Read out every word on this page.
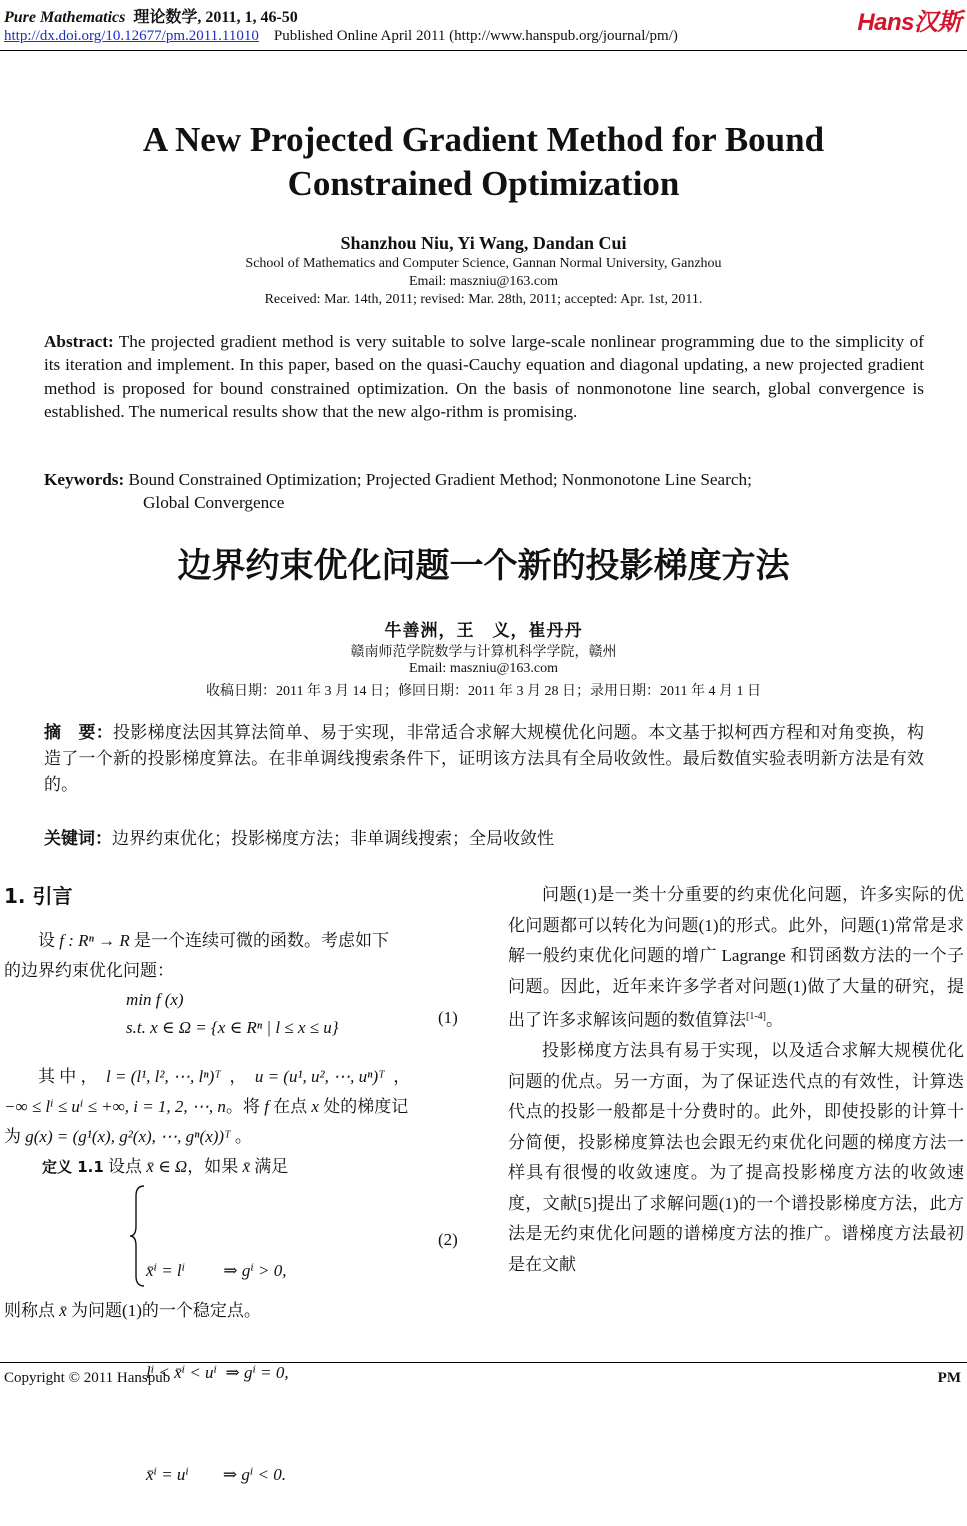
Pure Mathematics 理论数学, 2011, 1, 46-50
http://dx.doi.org/10.12677/pm.2011.11010 Published Online April 2011 (http://www.hanspub.org/journal/pm/)	Hans汉斯
A New Projected Gradient Method for Bound
Constrained Optimization
Shanzhou Niu, Yi Wang, Dandan Cui
School of Mathematics and Computer Science, Gannan Normal University, Ganzhou
Email: maszniu@163.com
Received: Mar. 14th, 2011; revised: Mar. 28th, 2011; accepted: Apr. 1st, 2011.
Abstract: The projected gradient method is very suitable to solve large-scale nonlinear programming due to the simplicity of its iteration and implement. In this paper, based on the quasi-Cauchy equation and diagonal updating, a new projected gradient method is proposed for bound constrained optimization. On the basis of nonmonotone line search, global convergence is established. The numerical results show that the new algo-rithm is promising.
Keywords: Bound Constrained Optimization; Projected Gradient Method; Nonmonotone Line Search;
Global Convergence
边界约束优化问题一个新的投影梯度方法
牛善洲，王　义，崔丹丹
赣南师范学院数学与计算机科学学院，赣州
Email: maszniu@163.com
收稿日期：2011 年 3 月 14 日；修回日期：2011 年 3 月 28 日；录用日期：2011 年 4 月 1 日
摘　要：投影梯度法因其算法简单、易于实现，非常适合求解大规模优化问题。本文基于拟柯西方程和对角变换，构造了一个新的投影梯度算法。在非单调线搜索条件下，证明该方法具有全局收敛性。最后数值实验表明新方法是有效的。
关键词：边界约束优化；投影梯度方法；非单调线搜索；全局收敛性
1. 引言
设 f : Rⁿ → R 是一个连续可微的函数。考虑如下
的边界约束优化问题：
min f (x)
s.t. x ∈ Ω = {x ∈ Rⁿ | l ≤ x ≤ u}
(1)
其 中 ， l = (l¹, l², ⋯, lⁿ)ᵀ ， u = (u¹, u², ⋯, uⁿ)ᵀ ，
−∞ ≤ lⁱ ≤ uⁱ ≤ +∞, i = 1, 2, ⋯, n。将 f 在点 x 处的梯度记
为 g(x) = (g¹(x), g²(x), ⋯, gⁿ(x))ᵀ 。
定义 1.1 设点 x̄ ∈ Ω，如果 x̄ 满足

x̄ⁱ = lⁱ         ⇒ gⁱ > 0,

lⁱ < x̄ⁱ < uⁱ  ⇒ gⁱ = 0,

x̄ⁱ = uⁱ        ⇒ gⁱ < 0.

(2)
则称点 x̄ 为问题(1)的一个稳定点。
问题(1)是一类十分重要的约束优化问题，许多实际的优化问题都可以转化为问题(1)的形式。此外，问题(1)常常是求解一般约束优化问题的增广 Lagrange 和罚函数方法的一个子问题。因此，近年来许多学者对问题(1)做了大量的研究，提出了许多求解该问题的数值算法[1-4]。
投影梯度方法具有易于实现，以及适合求解大规模优化问题的优点。另一方面，为了保证迭代点的有效性，计算迭代点的投影一般都是十分费时的。此外，即使投影的计算十分简便，投影梯度算法也会跟无约束优化问题的梯度方法一样具有很慢的收敛速度。为了提高投影梯度方法的收敛速度，文献[5]提出了求解问题(1)的一个谱投影梯度方法，此方法是无约束优化问题的谱梯度方法的推广。谱梯度方法最初是在文献
Copyright © 2011 Hanspub	PM
